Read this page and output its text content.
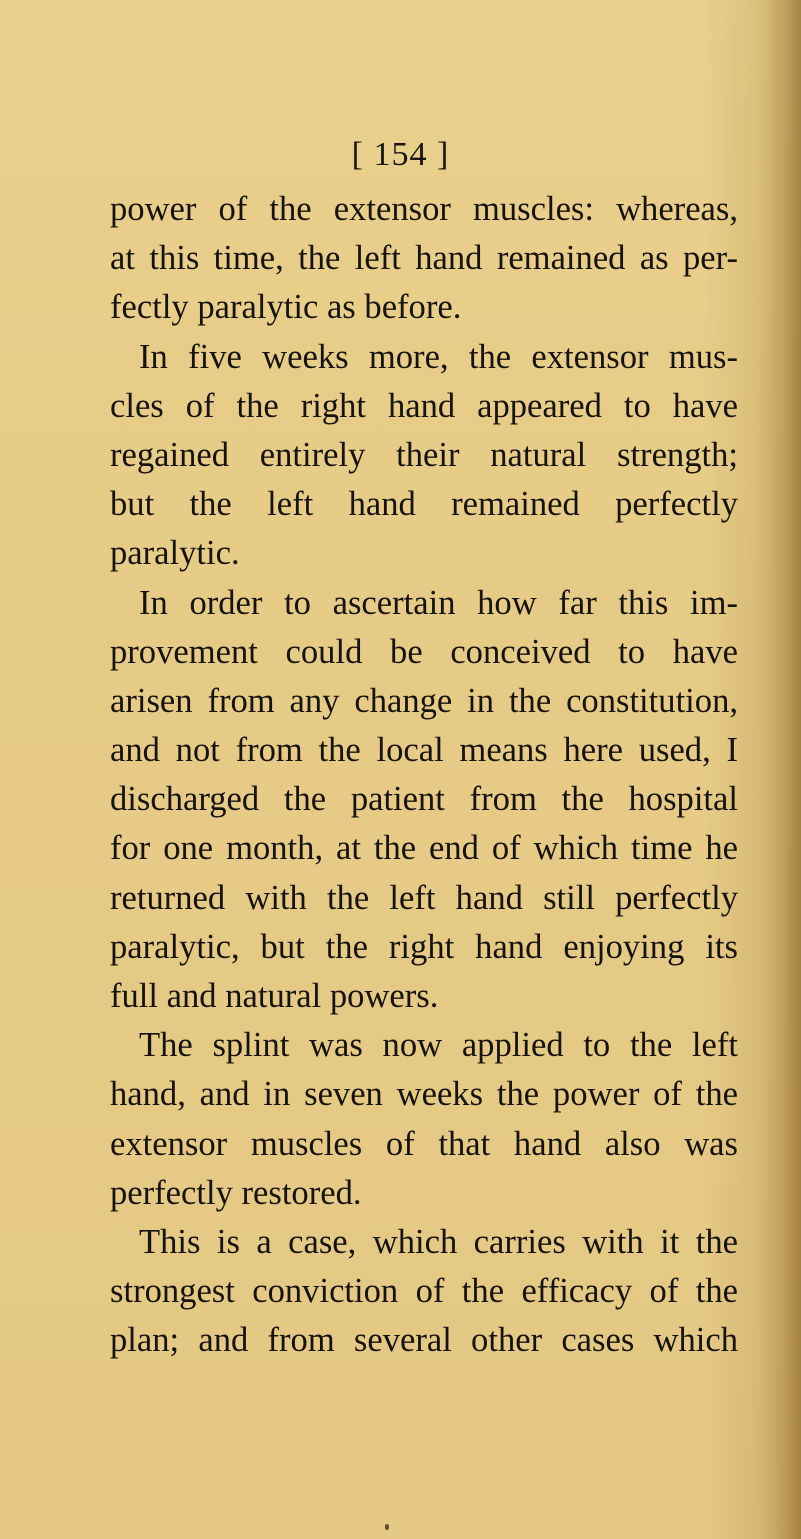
[ 154 ]
power of the extensor muscles: whereas,
at this time, the left hand remained as per-
fectly paralytic as before.
In five weeks more, the extensor mus-
cles of the right hand appeared to have
regained entirely their natural strength;
but the left hand remained perfectly
paralytic.
In order to ascertain how far this im-
provement could be conceived to have
arisen from any change in the constitution,
and not from the local means here used, I
discharged the patient from the hospital
for one month, at the end of which time he
returned with the left hand still perfectly
paralytic, but the right hand enjoying its
full and natural powers.
The splint was now applied to the left
hand, and in seven weeks the power of the
extensor muscles of that hand also was
perfectly restored.
This is a case, which carries with it the
strongest conviction of the efficacy of the
plan; and from several other cases which
